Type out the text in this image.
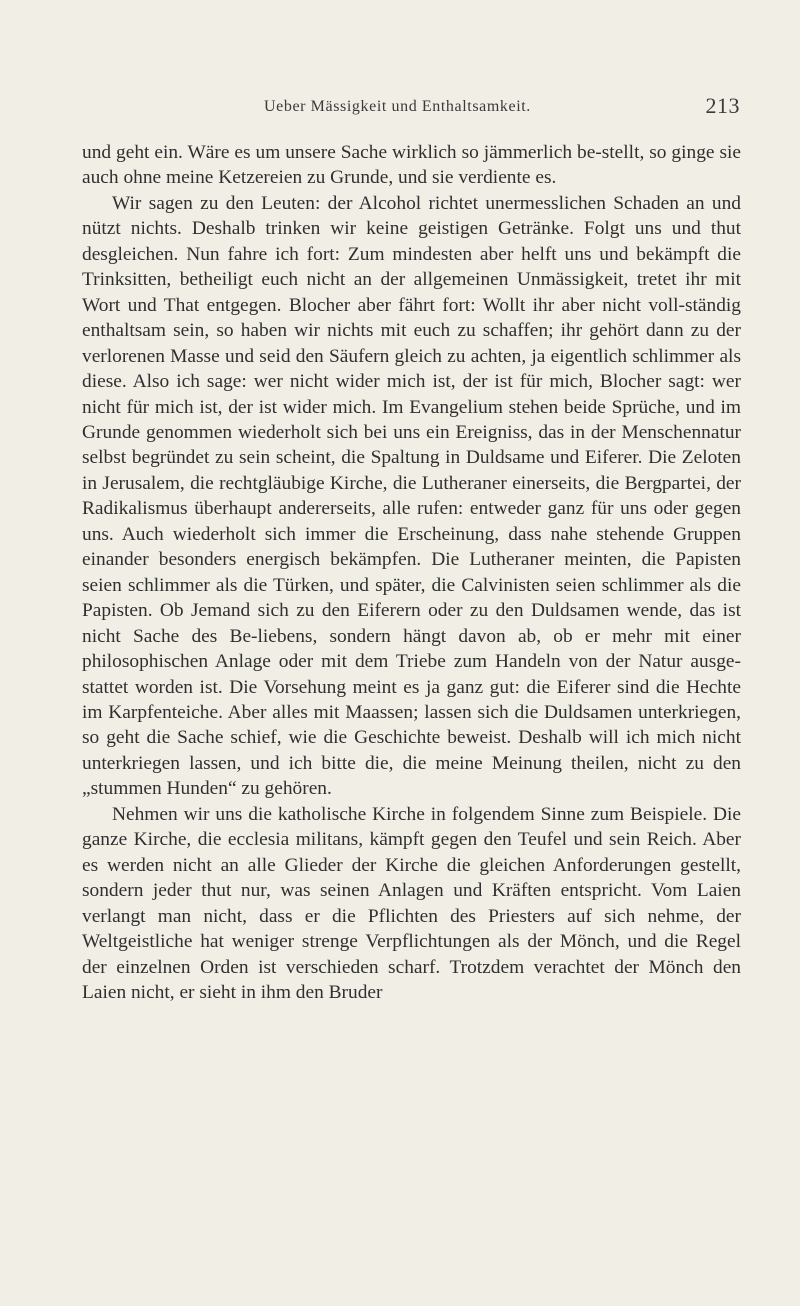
Ueber Mässigkeit und Enthaltsamkeit.	213

und geht ein. Wäre es um unsere Sache wirklich so jämmerlich be-stellt, so ginge sie auch ohne meine Ketzereien zu Grunde, und sie verdiente es.

Wir sagen zu den Leuten: der Alcohol richtet unermesslichen Schaden an und nützt nichts. Deshalb trinken wir keine geistigen Getränke. Folgt uns und thut desgleichen. Nun fahre ich fort: Zum mindesten aber helft uns und bekämpft die Trinksitten, betheiligt euch nicht an der allgemeinen Unmässigkeit, tretet ihr mit Wort und That entgegen. Blocher aber fährt fort: Wollt ihr aber nicht voll-ständig enthaltsam sein, so haben wir nichts mit euch zu schaffen; ihr gehört dann zu der verlorenen Masse und seid den Säufern gleich zu achten, ja eigentlich schlimmer als diese. Also ich sage: wer nicht wider mich ist, der ist für mich, Blocher sagt: wer nicht für mich ist, der ist wider mich. Im Evangelium stehen beide Sprüche, und im Grunde genommen wiederholt sich bei uns ein Ereigniss, das in der Menschennatur selbst begründet zu sein scheint, die Spaltung in Duldsame und Eiferer. Die Zeloten in Jerusalem, die rechtgläubige Kirche, die Lutheraner einerseits, die Bergpartei, der Radikalismus überhaupt andererseits, alle rufen: entweder ganz für uns oder gegen uns. Auch wiederholt sich immer die Erscheinung, dass nahe stehende Gruppen einander besonders energisch bekämpfen. Die Lutheraner meinten, die Papisten seien schlimmer als die Türken, und später, die Calvinisten seien schlimmer als die Papisten. Ob Jemand sich zu den Eiferern oder zu den Duldsamen wende, das ist nicht Sache des Be-liebens, sondern hängt davon ab, ob er mehr mit einer philosophischen Anlage oder mit dem Triebe zum Handeln von der Natur ausge-stattet worden ist. Die Vorsehung meint es ja ganz gut: die Eiferer sind die Hechte im Karpfenteiche. Aber alles mit Maassen; lassen sich die Duldsamen unterkriegen, so geht die Sache schief, wie die Geschichte beweist. Deshalb will ich mich nicht unterkriegen lassen, und ich bitte die, die meine Meinung theilen, nicht zu den „stummen Hunden“ zu gehören.

Nehmen wir uns die katholische Kirche in folgendem Sinne zum Beispiele. Die ganze Kirche, die ecclesia militans, kämpft gegen den Teufel und sein Reich. Aber es werden nicht an alle Glieder der Kirche die gleichen Anforderungen gestellt, sondern jeder thut nur, was seinen Anlagen und Kräften entspricht. Vom Laien verlangt man nicht, dass er die Pflichten des Priesters auf sich nehme, der Weltgeistliche hat weniger strenge Verpflichtungen als der Mönch, und die Regel der einzelnen Orden ist verschieden scharf. Trotzdem verachtet der Mönch den Laien nicht, er sieht in ihm den Bruder
